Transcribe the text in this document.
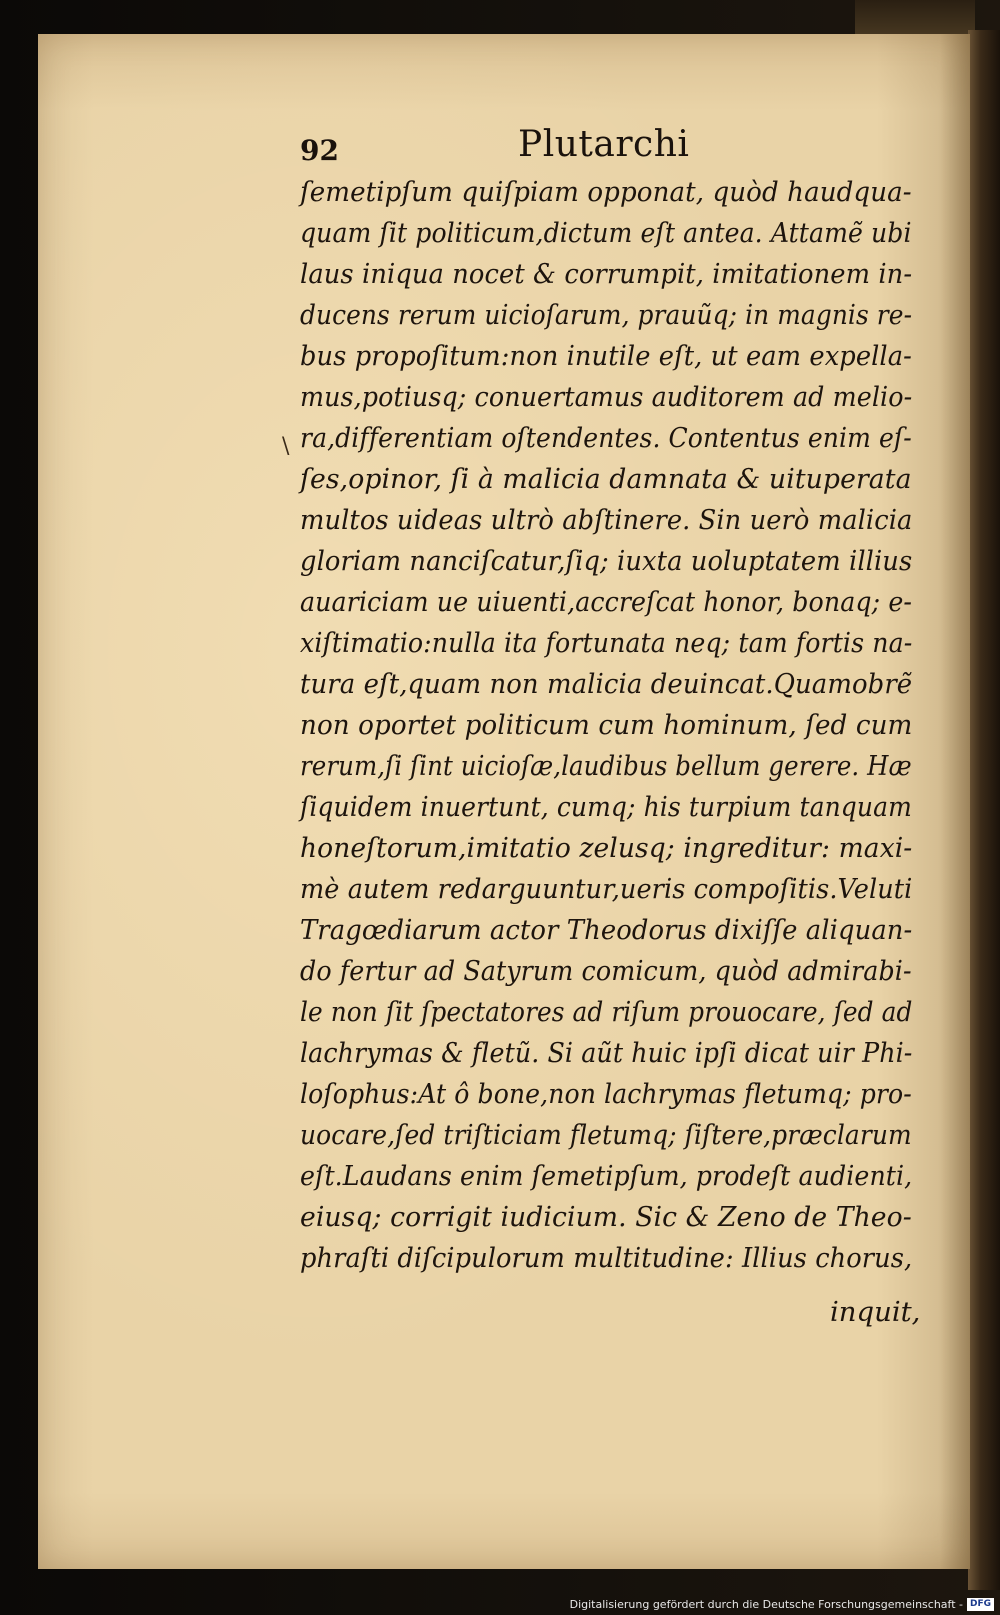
92	Plutarchi
\
ſemetipſum quiſpiam opponat, quòd haudqua-
quam ſit politicum,dictum eſt antea. Attamẽ ubi
laus iniqua nocet & corrumpit, imitationem in-
ducens rerum uicioſarum, prauũq; in magnis re-
bus propoſitum:non inutile eſt, ut eam expella-
mus,potiusq; conuertamus auditorem ad melio-
ra,differentiam oſtendentes. Contentus enim eſ-
ſes,opinor, ſi à malicia damnata & uituperata
multos uideas ultrò abſtinere. Sin uerò malicia
gloriam nanciſcatur,ſiq; iuxta uoluptatem illius
auariciam ue uiuenti,accreſcat honor, bonaq; e-
xiſtimatio:nulla ita fortunata neq; tam fortis na-
tura eſt,quam non malicia deuincat.Quamobrẽ
non oportet politicum cum hominum, ſed cum
rerum,ſi ſint uicioſæ,laudibus bellum gerere. Hæ
ſiquidem inuertunt, cumq; his turpium tanquam
honeſtorum,imitatio zelusq; ingreditur: maxi-
mè autem redarguuntur,ueris compoſitis.Veluti
Tragœdiarum actor Theodorus dixiſſe aliquan-
do fertur ad Satyrum comicum, quòd admirabi-
le non ſit ſpectatores ad riſum prouocare, ſed ad
lachrymas & fletũ. Si aũt huic ipſi dicat uir Phi-
loſophus:At ô bone,non lachrymas fletumq; pro-
uocare,ſed triſticiam fletumq; ſiſtere,præclarum
eſt.Laudans enim ſemetipſum, prodeſt audienti,
eiusq; corrigit iudicium. Sic & Zeno de Theo-
phraſti diſcipulorum multitudine: Illius chorus,
inquit,
Digitalisierung gefördert durch die Deutsche Forschungsgemeinschaft - DFG
